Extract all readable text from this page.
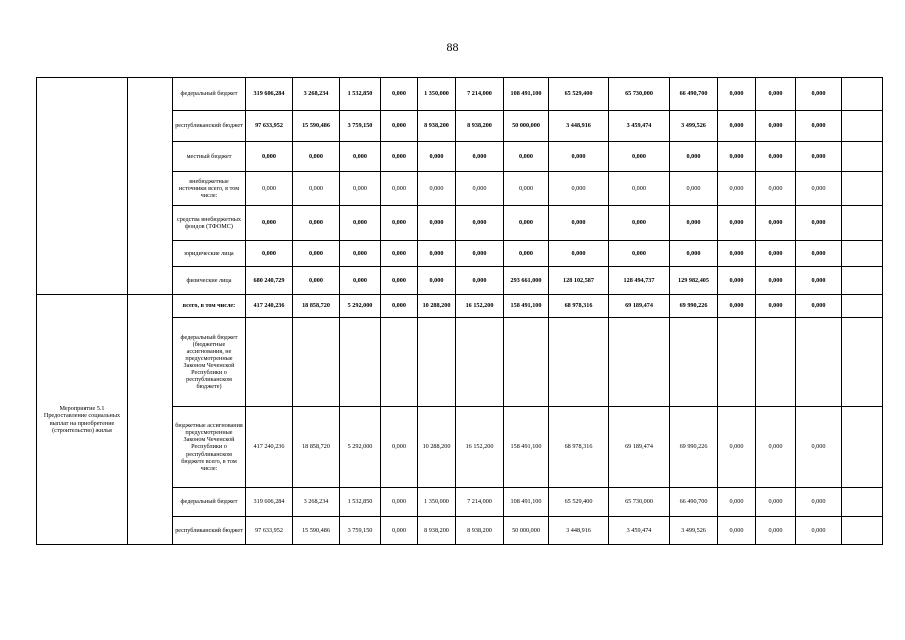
88
		федеральный бюджет	319 606,284	3 268,234	1 532,850	0,000	1 350,000	7 214,000	108 491,100	65 529,400	65 730,000	66 490,700	0,000	0,000	0,000	
		республиканский бюджет	97 633,952	15 590,486	3 759,150	0,000	8 938,200	8 938,200	50 000,000	3 448,916	3 459,474	3 499,526	0,000	0,000	0,000	
		местный бюджет	0,000	0,000	0,000	0,000	0,000	0,000	0,000	0,000	0,000	0,000	0,000	0,000	0,000	
		внебюджетные источники всего, в том числе:	0,000	0,000	0,000	0,000	0,000	0,000	0,000	0,000	0,000	0,000	0,000	0,000	0,000	
		средства внебюджетных фондов (ТФОМС)	0,000	0,000	0,000	0,000	0,000	0,000	0,000	0,000	0,000	0,000	0,000	0,000	0,000	
		юридические лица	0,000	0,000	0,000	0,000	0,000	0,000	0,000	0,000	0,000	0,000	0,000	0,000	0,000	
		физические лица	680 240,729	0,000	0,000	0,000	0,000	0,000	293 661,000	128 102,587	128 494,737	129 982,405	0,000	0,000	0,000	
Мероприятие 5.1 Предоставление социальных выплат на приобретение (строительство) жилья		всего, в том числе:	417 240,236	18 858,720	5 292,000	0,000	10 288,200	16 152,200	158 491,100	68 978,316	69 189,474	69 990,226	0,000	0,000	0,000	
		федеральный бюджет (бюджетные ассигнования, не предусмотренные Законом Чеченской Республики о республиканском бюджете)														
		бюджетные ассигнования предусмотренные Законом Чеченской Республики о республиканском бюджете всего, в том числе:	417 240,236	18 858,720	5 292,000	0,000	10 288,200	16 152,200	158 491,100	68 978,316	69 189,474	69 990,226	0,000	0,000	0,000	
		федеральный бюджет	319 606,284	3 268,234	1 532,850	0,000	1 350,000	7 214,000	108 491,100	65 529,400	65 730,000	66 490,700	0,000	0,000	0,000	
		республиканский бюджет	97 633,952	15 590,486	3 759,150	0,000	8 938,200	8 938,200	50 000,000	3 448,916	3 459,474	3 499,526	0,000	0,000	0,000	
